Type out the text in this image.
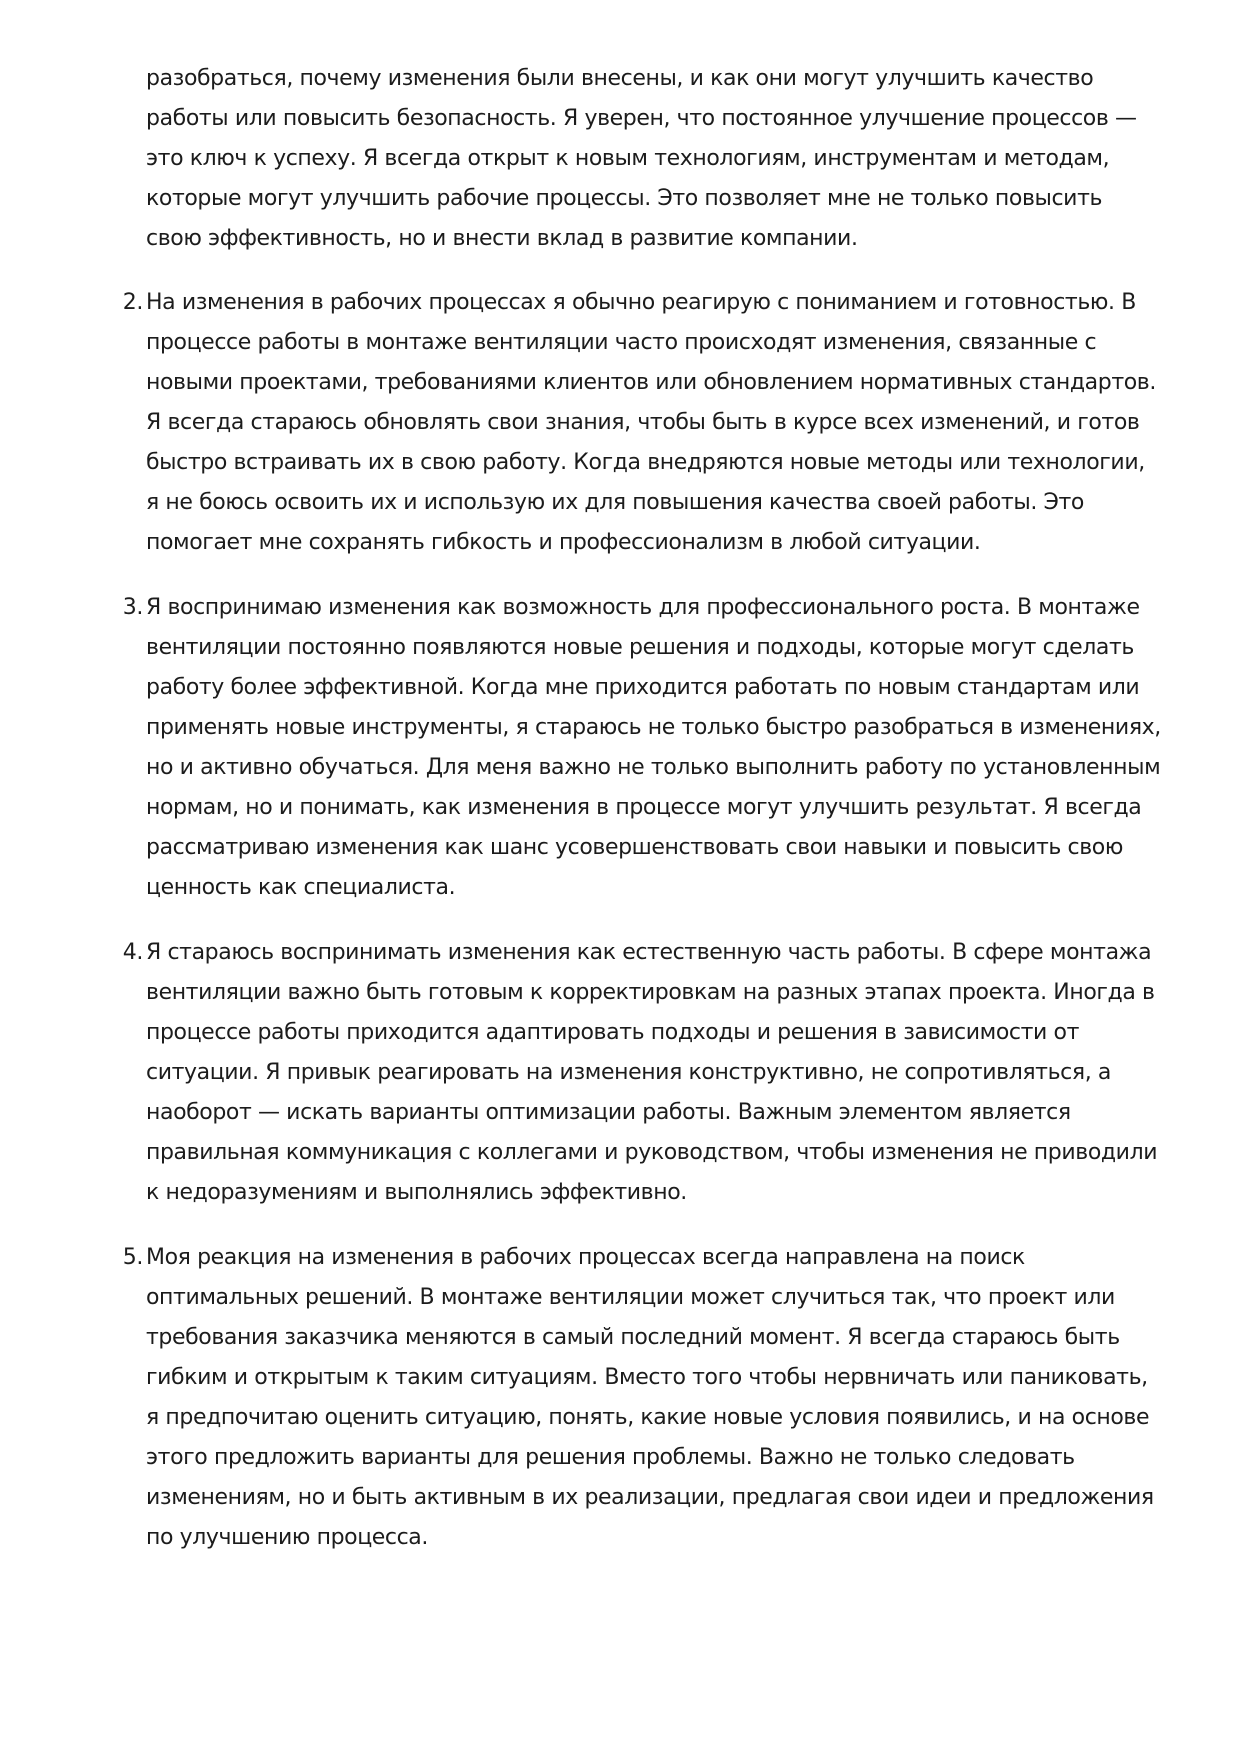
разобраться, почему изменения были внесены, и как они могут улучшить качество работы или повысить безопасность. Я уверен, что постоянное улучшение процессов — это ключ к успеху. Я всегда открыт к новым технологиям, инструментам и методам, которые могут улучшить рабочие процессы. Это позволяет мне не только повысить свою эффективность, но и внести вклад в развитие компании.

2. На изменения в рабочих процессах я обычно реагирую с пониманием и готовностью. В процессе работы в монтаже вентиляции часто происходят изменения, связанные с новыми проектами, требованиями клиентов или обновлением нормативных стандартов. Я всегда стараюсь обновлять свои знания, чтобы быть в курсе всех изменений, и готов быстро встраивать их в свою работу. Когда внедряются новые методы или технологии, я не боюсь освоить их и использую их для повышения качества своей работы. Это помогает мне сохранять гибкость и профессионализм в любой ситуации.
3. Я воспринимаю изменения как возможность для профессионального роста. В монтаже вентиляции постоянно появляются новые решения и подходы, которые могут сделать работу более эффективной. Когда мне приходится работать по новым стандартам или применять новые инструменты, я стараюсь не только быстро разобраться в изменениях, но и активно обучаться. Для меня важно не только выполнить работу по установленным нормам, но и понимать, как изменения в процессе могут улучшить результат. Я всегда рассматриваю изменения как шанс усовершенствовать свои навыки и повысить свою ценность как специалиста.
4. Я стараюсь воспринимать изменения как естественную часть работы. В сфере монтажа вентиляции важно быть готовым к корректировкам на разных этапах проекта. Иногда в процессе работы приходится адаптировать подходы и решения в зависимости от ситуации. Я привык реагировать на изменения конструктивно, не сопротивляться, а наоборот — искать варианты оптимизации работы. Важным элементом является правильная коммуникация с коллегами и руководством, чтобы изменения не приводили к недоразумениям и выполнялись эффективно.
5. Моя реакция на изменения в рабочих процессах всегда направлена на поиск оптимальных решений. В монтаже вентиляции может случиться так, что проект или требования заказчика меняются в самый последний момент. Я всегда стараюсь быть гибким и открытым к таким ситуациям. Вместо того чтобы нервничать или паниковать, я предпочитаю оценить ситуацию, понять, какие новые условия появились, и на основе этого предложить варианты для решения проблемы. Важно не только следовать изменениям, но и быть активным в их реализации, предлагая свои идеи и предложения по улучшению процесса.
